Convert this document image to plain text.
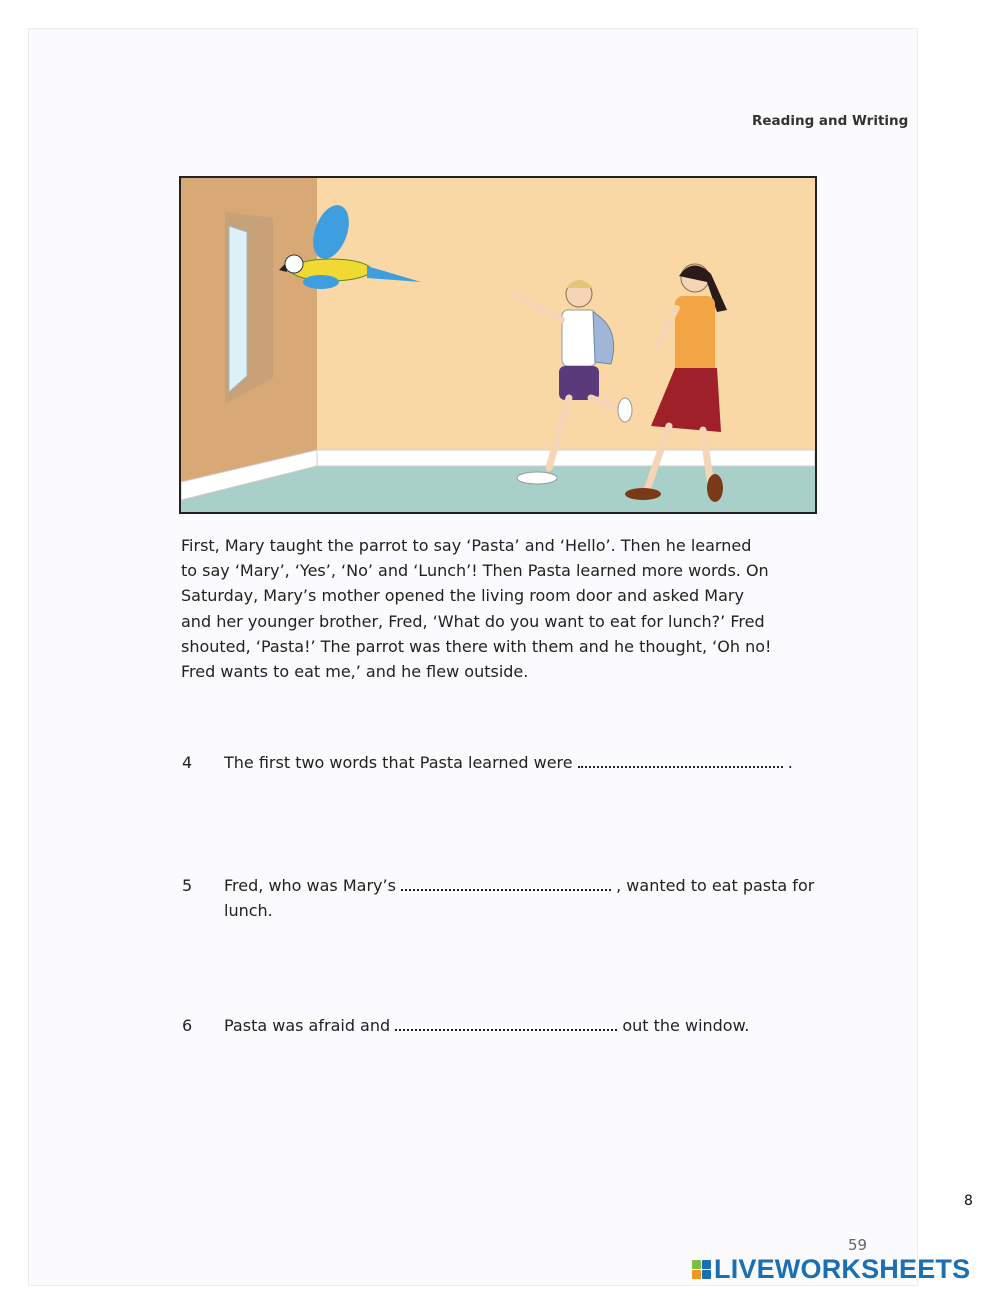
Reading and Writing
First, Mary taught the parrot to say ‘Pasta’ and ‘Hello’. Then he learned
to say ‘Mary’, ‘Yes’, ‘No’ and ‘Lunch’! Then Pasta learned more words. On
Saturday, Mary’s mother opened the living room door and asked Mary
and her younger brother, Fred, ‘What do you want to eat for lunch?’ Fred
shouted, ‘Pasta!’ The parrot was there with them and he thought, ‘Oh no!
Fred wants to eat me,’ and he flew outside.
4 The first two words that Pasta learned were	.
5 Fred, who was Mary’s	, wanted to eat pasta for lunch.
6 Pasta was afraid and	out the window.
8
59
LIVEWORKSHEETS
